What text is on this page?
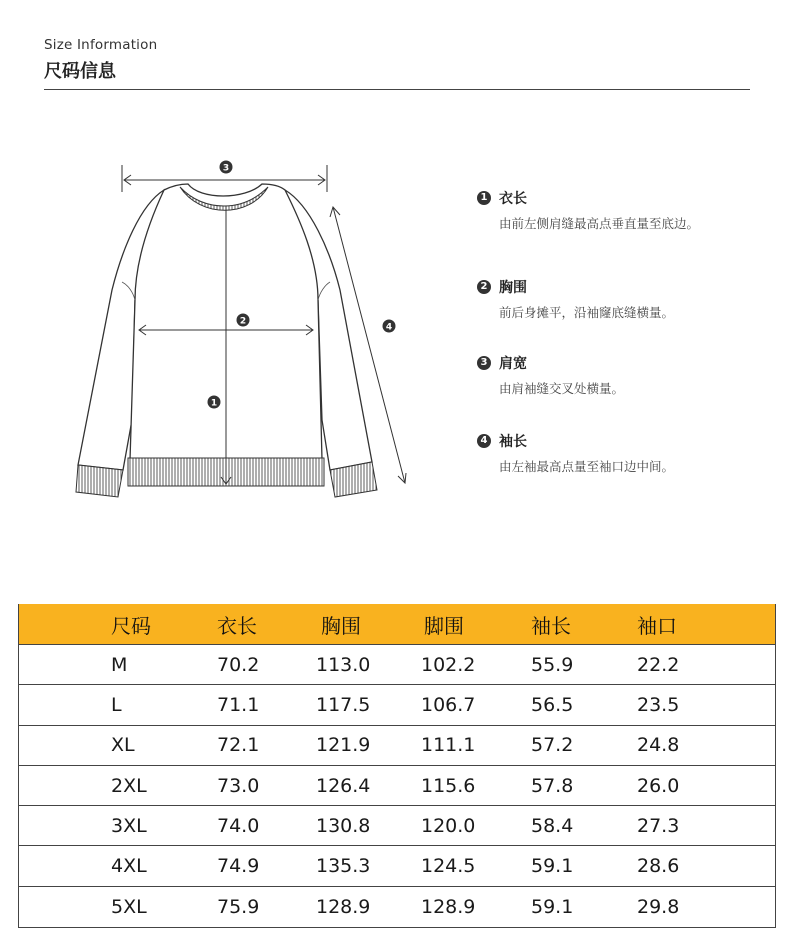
Size Information
尺码信息
3
2
1
4
1 衣长
由前左侧肩缝最高点垂直量至底边。
2 胸围
前后身摊平，沿袖窿底缝横量。
3 肩宽
由肩袖缝交叉处横量。
4 袖长
由左袖最高点量至袖口边中间。
尺码	衣长	胸围	脚围	袖长	袖口
M	70.2	113.0	102.2	55.9	22.2
L	71.1	117.5	106.7	56.5	23.5
XL	72.1	121.9	111.1	57.2	24.8
2XL	73.0	126.4	115.6	57.8	26.0
3XL	74.0	130.8	120.0	58.4	27.3
4XL	74.9	135.3	124.5	59.1	28.6
5XL	75.9	128.9	128.9	59.1	29.8
